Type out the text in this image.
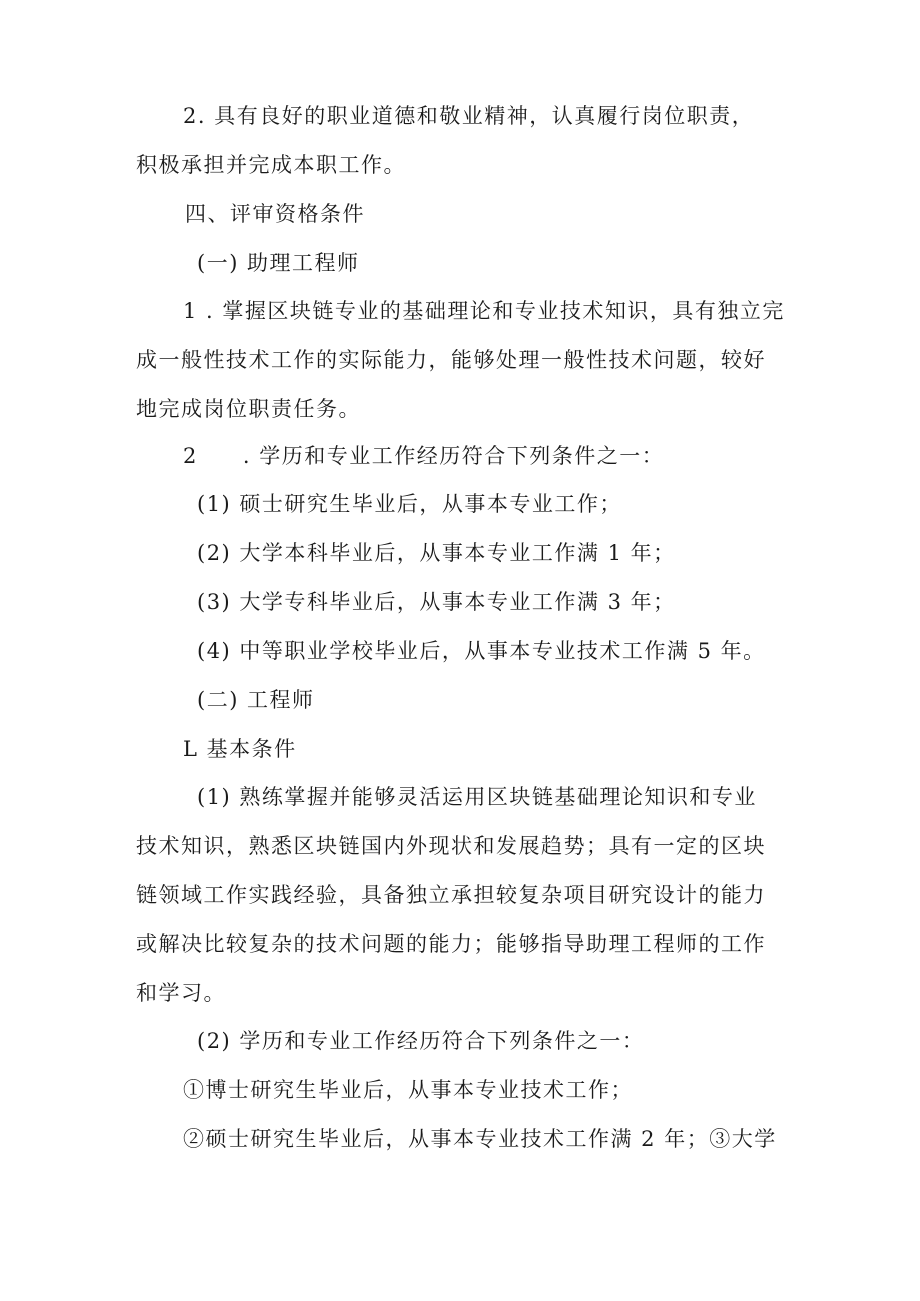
2. 具有良好的职业道德和敬业精神，认真履行岗位职责，
积极承担并完成本职工作。
四、评审资格条件
(一) 助理工程师
1 . 掌握区块链专业的基础理论和专业技术知识，具有独立完
成一般性技术工作的实际能力，能够处理一般性技术问题，较好
地完成岗位职责任务。
2　　. 学历和专业工作经历符合下列条件之一：
(1) 硕士研究生毕业后，从事本专业工作；
(2) 大学本科毕业后，从事本专业工作满 1 年；
(3) 大学专科毕业后，从事本专业工作满 3 年；
(4) 中等职业学校毕业后，从事本专业技术工作满 5 年。
(二) 工程师
L 基本条件
(1) 熟练掌握并能够灵活运用区块链基础理论知识和专业
技术知识，熟悉区块链国内外现状和发展趋势；具有一定的区块
链领域工作实践经验，具备独立承担较复杂项目研究设计的能力
或解决比较复杂的技术问题的能力；能够指导助理工程师的工作
和学习。
(2) 学历和专业工作经历符合下列条件之一：
①博士研究生毕业后，从事本专业技术工作；
②硕士研究生毕业后，从事本专业技术工作满 2 年；③大学
